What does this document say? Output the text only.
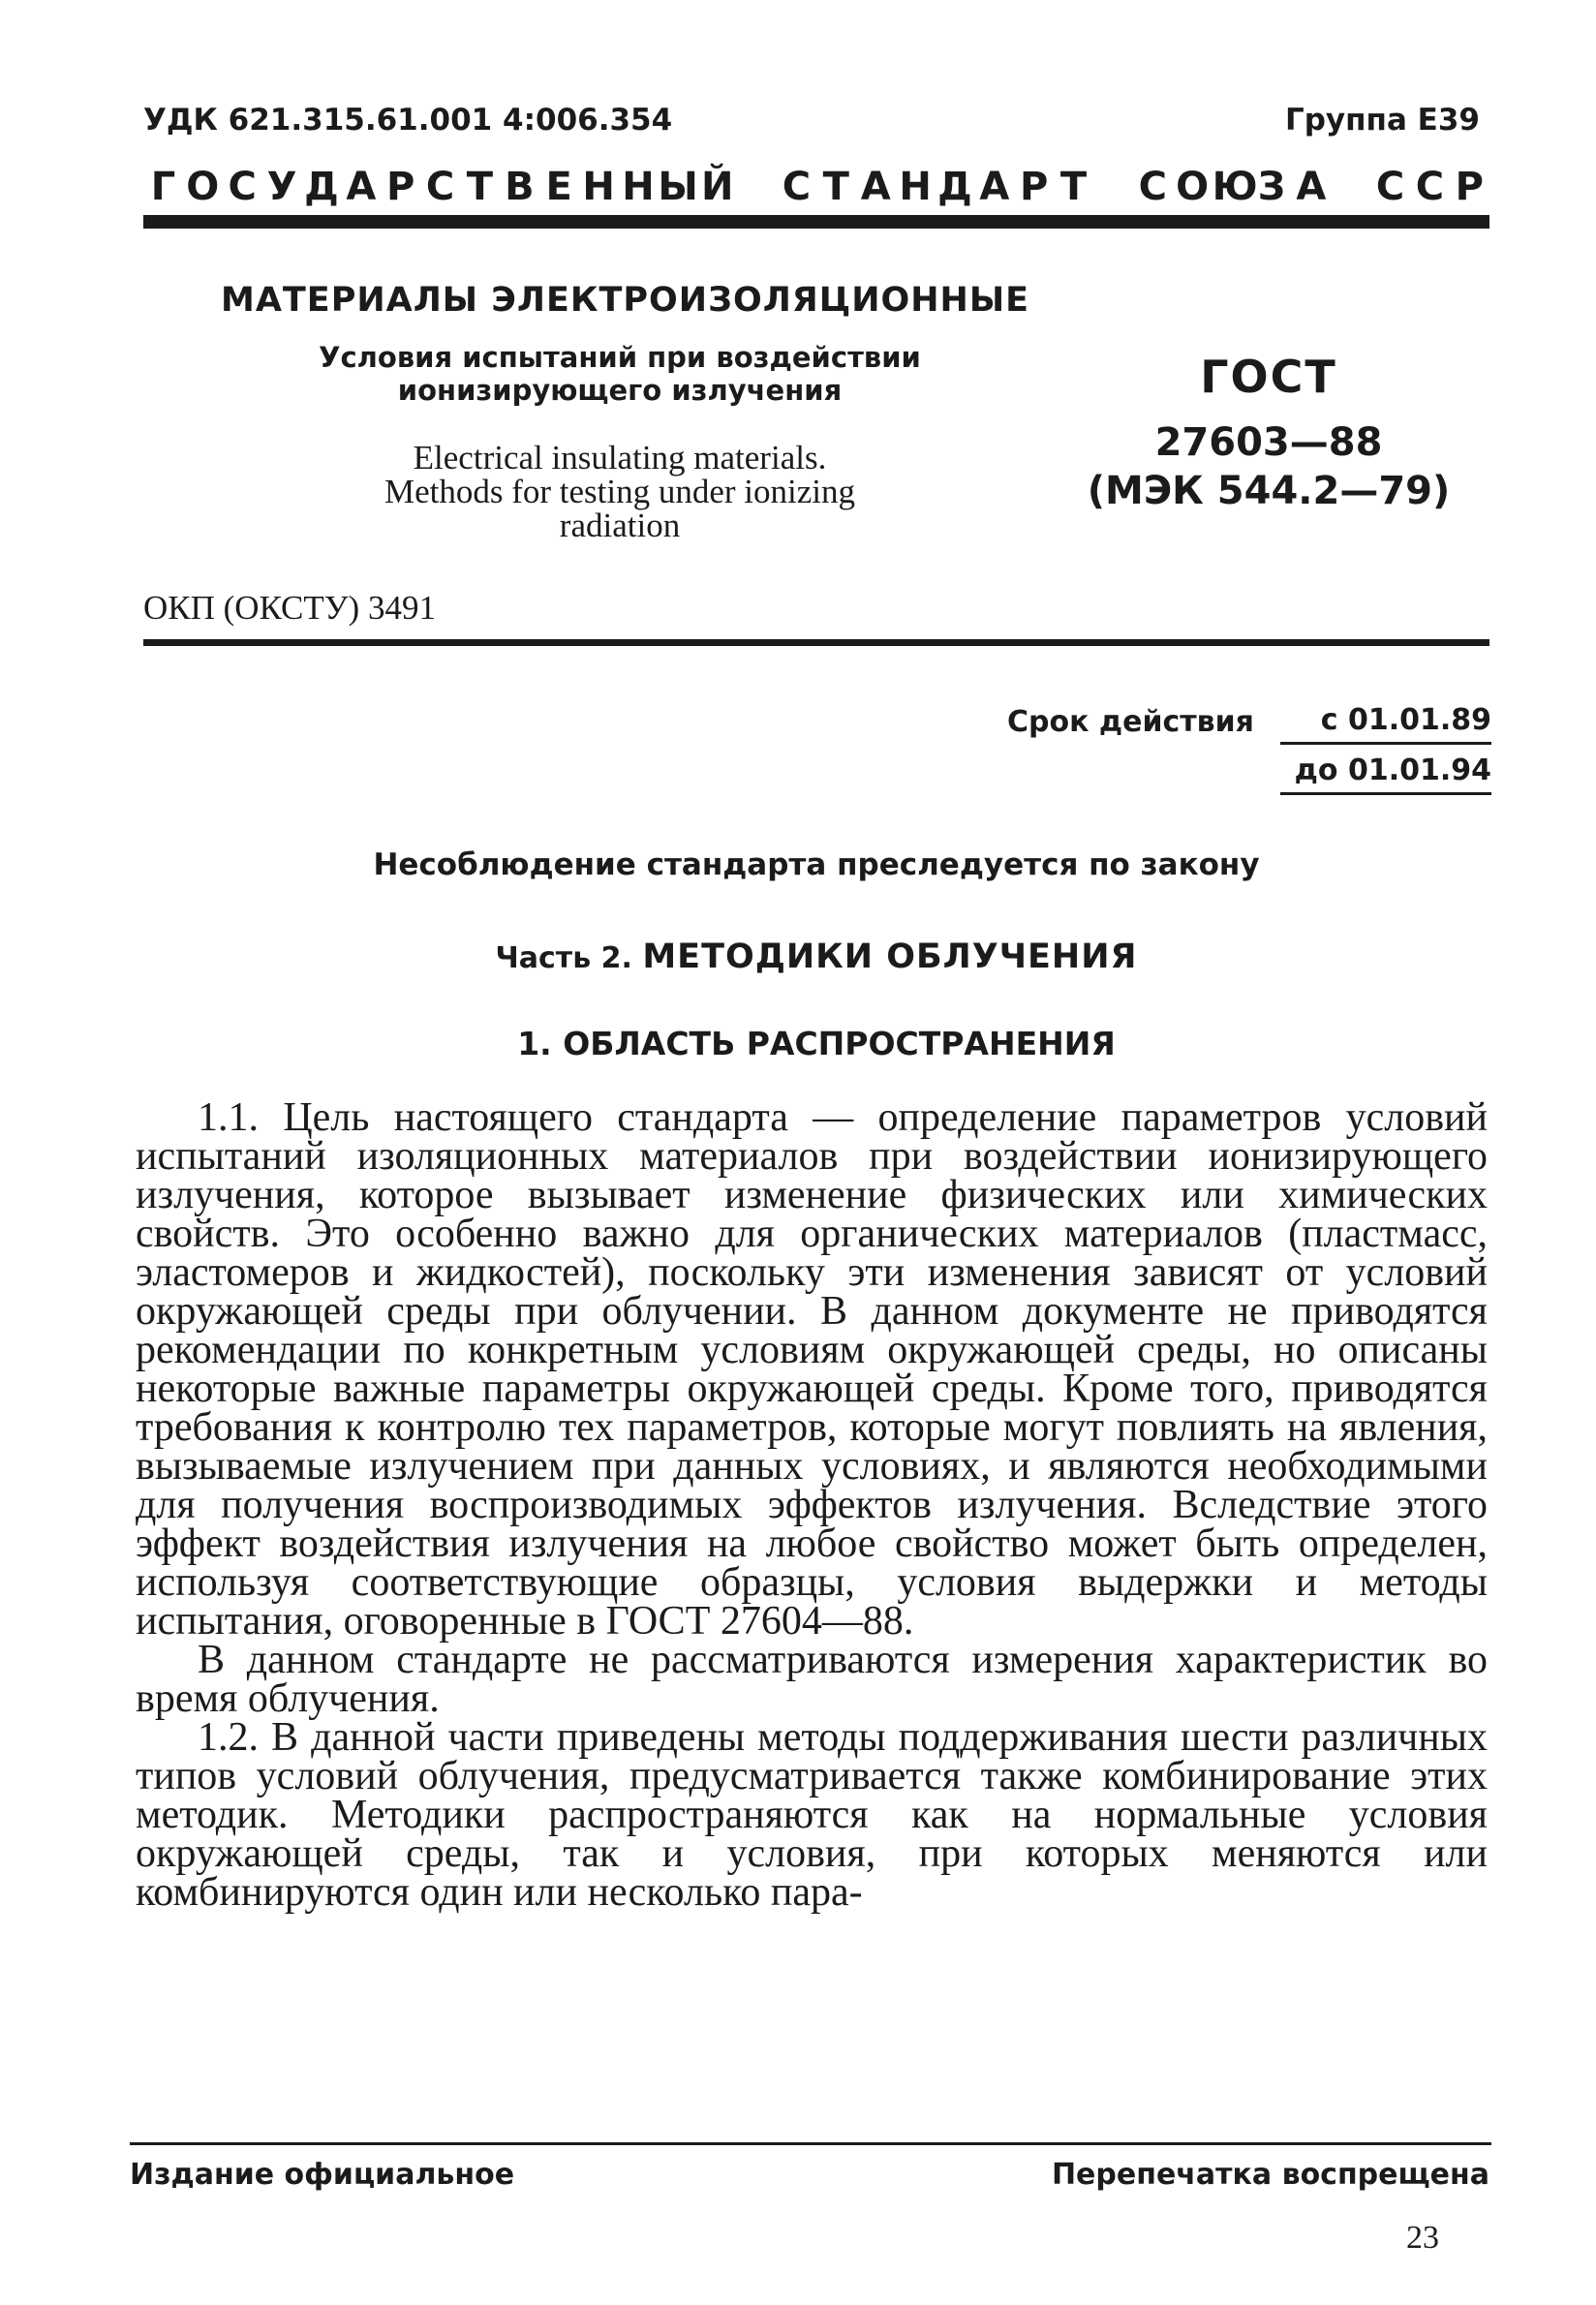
УДК 621.315.61.001 4:006.354	Группа Е39
Г О С У Д А Р С Т В Е Н НЫЙ С Т А Н Д А Р Т С ОЮЗ А С С Р
МАТЕРИАЛЫ ЭЛЕКТРОИЗОЛЯЦИОННЫЕ
Условия испытаний при воздействии
ионизирующего излучения
Electrical insulating materials.
Methods for testing under ionizing
radiation
ГОСТ
27603—88
(МЭК 544.2—79)
ОКП (ОКСТУ) 3491
Срок действия	с 01.01.89
до 01.01.94
Несоблюдение стандарта преследуется по закону
Часть 2. МЕТОДИКИ ОБЛУЧЕНИЯ
1. ОБЛАСТЬ РАСПРОСТРАНЕНИЯ

1.1. Цель настоящего стандарта — определение параметров условий испытаний изоляционных материалов при воздействии ионизирующего излучения, которое вызывает изменение физических или химических свойств. Это особенно важно для органических материалов (пластмасс, эластомеров и жидкостей), поскольку эти изменения зависят от условий окружающей среды при облучении. В данном документе не приводятся рекомендации по конкретным условиям окружающей среды, но описаны некоторые важные параметры окружающей среды. Кроме того, приводятся требования к контролю тех параметров, которые могут повлиять на явления, вызываемые излучением при данных условиях, и являются необходимыми для получения воспроизводимых эффектов излучения. Вследствие этого эффект воздействия излучения на любое свойство может быть определен, используя соответствующие образцы, условия выдержки и методы испытания, оговоренные в ГОСТ 27604—88.

В данном стандарте не рассматриваются измерения характеристик во время облучения.

1.2. В данной части приведены методы поддерживания шести различных типов условий облучения, предусматривается также комбинирование этих методик. Методики распространяются как на нормальные условия окружающей среды, так и условия, при которых меняются или комбинируются один или несколько пара-

Издание официальное	Перепечатка воспрещена
23
